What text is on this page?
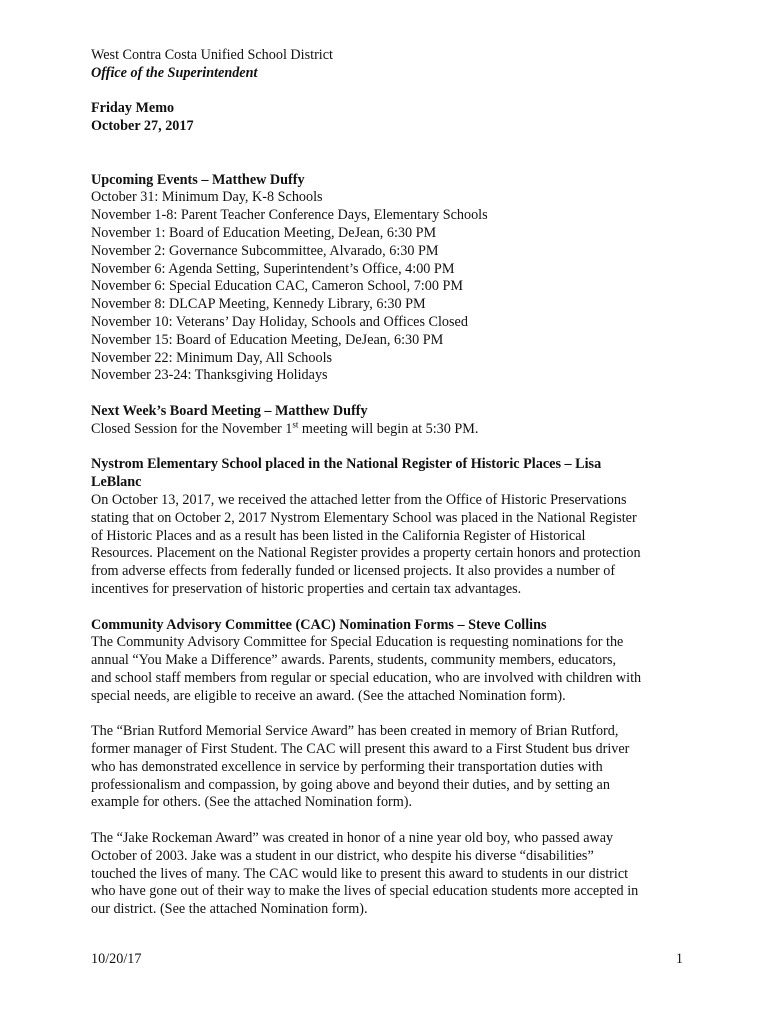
West Contra Costa Unified School District
Office of the Superintendent
Friday Memo
October 27, 2017
Upcoming Events – Matthew Duffy
October 31: Minimum Day, K-8 Schools
November 1-8: Parent Teacher Conference Days, Elementary Schools
November 1: Board of Education Meeting, DeJean, 6:30 PM
November 2: Governance Subcommittee, Alvarado, 6:30 PM
November 6: Agenda Setting, Superintendent’s Office, 4:00 PM
November 6: Special Education CAC, Cameron School, 7:00 PM
November 8: DLCAP Meeting, Kennedy Library, 6:30 PM
November 10: Veterans’ Day Holiday, Schools and Offices Closed
November 15: Board of Education Meeting, DeJean, 6:30 PM
November 22: Minimum Day, All Schools
November 23-24: Thanksgiving Holidays
Next Week’s Board Meeting – Matthew Duffy
Closed Session for the November 1st meeting will begin at 5:30 PM.
Nystrom Elementary School placed in the National Register of Historic Places – Lisa
LeBlanc
On October 13, 2017, we received the attached letter from the Office of Historic Preservations
stating that on October 2, 2017 Nystrom Elementary School was placed in the National Register
of Historic Places and as a result has been listed in the California Register of Historical
Resources. Placement on the National Register provides a property certain honors and protection
from adverse effects from federally funded or licensed projects. It also provides a number of
incentives for preservation of historic properties and certain tax advantages.
Community Advisory Committee (CAC) Nomination Forms – Steve Collins
The Community Advisory Committee for Special Education is requesting nominations for the
annual “You Make a Difference” awards. Parents, students, community members, educators,
and school staff members from regular or special education, who are involved with children with
special needs, are eligible to receive an award. (See the attached Nomination form).
The “Brian Rutford Memorial Service Award” has been created in memory of Brian Rutford,
former manager of First Student. The CAC will present this award to a First Student bus driver
who has demonstrated excellence in service by performing their transportation duties with
professionalism and compassion, by going above and beyond their duties, and by setting an
example for others. (See the attached Nomination form).
The “Jake Rockeman Award” was created in honor of a nine year old boy, who passed away
October of 2003. Jake was a student in our district, who despite his diverse “disabilities”
touched the lives of many. The CAC would like to present this award to students in our district
who have gone out of their way to make the lives of special education students more accepted in
our district. (See the attached Nomination form).
10/20/17	1
